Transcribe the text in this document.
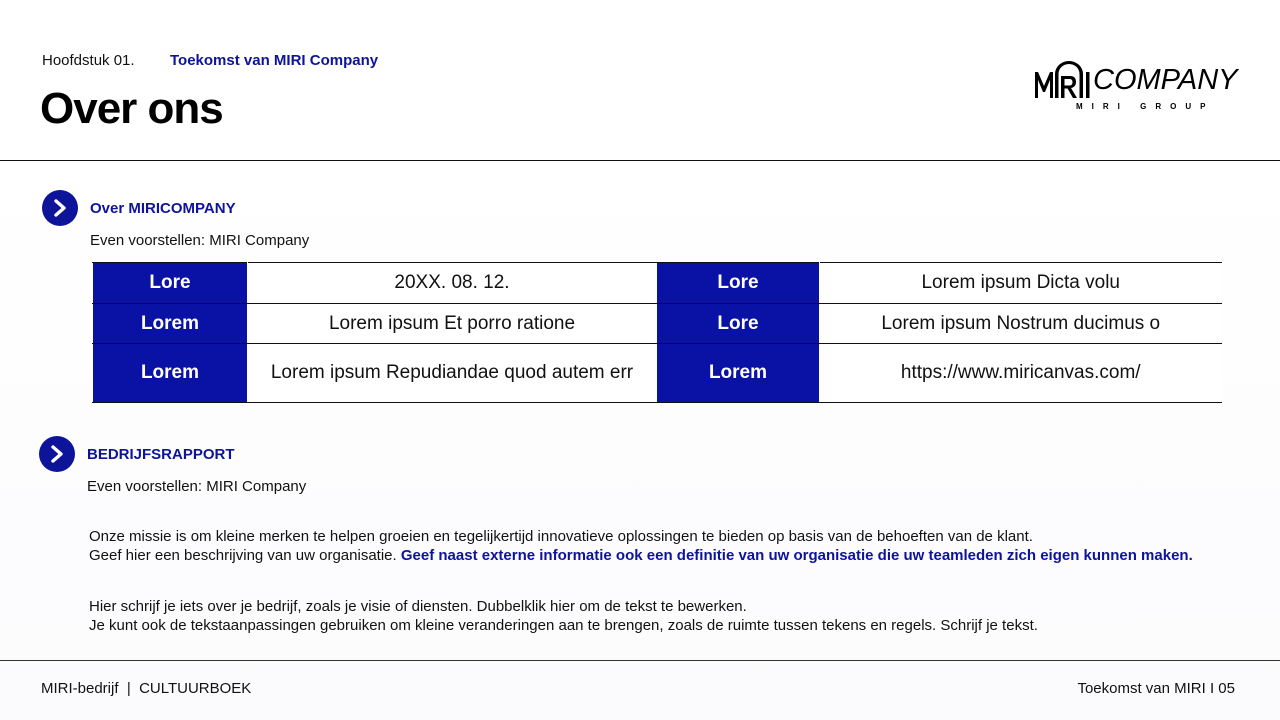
Hoofdstuk 01. Toekomst van MIRI Company
Over ons
COMPANY
MIRI GROUP
Over MIRICOMPANY
Even voorstellen: MIRI Company
Lore	20XX. 08. 12.	Lore	Lorem ipsum Dicta volu
Lorem	Lorem ipsum Et porro ratione	Lore	Lorem ipsum Nostrum ducimus o
Lorem	Lorem ipsum Repudiandae quod autem err	Lorem	https://www.miricanvas.com/
BEDRIJFSRAPPORT
Even voorstellen: MIRI Company
Onze missie is om kleine merken te helpen groeien en tegelijkertijd innovatieve oplossingen te bieden op basis van de behoeften van de klant.
Geef hier een beschrijving van uw organisatie. Geef naast externe informatie ook een definitie van uw organisatie die uw teamleden zich eigen kunnen maken.
Hier schrijf je iets over je bedrijf, zoals je visie of diensten. Dubbelklik hier om de tekst te bewerken.
Je kunt ook de tekstaanpassingen gebruiken om kleine veranderingen aan te brengen, zoals de ruimte tussen tekens en regels. Schrijf je tekst.
MIRI-bedrijf  |  CULTUURBOEK	Toekomst van MIRI I 05
